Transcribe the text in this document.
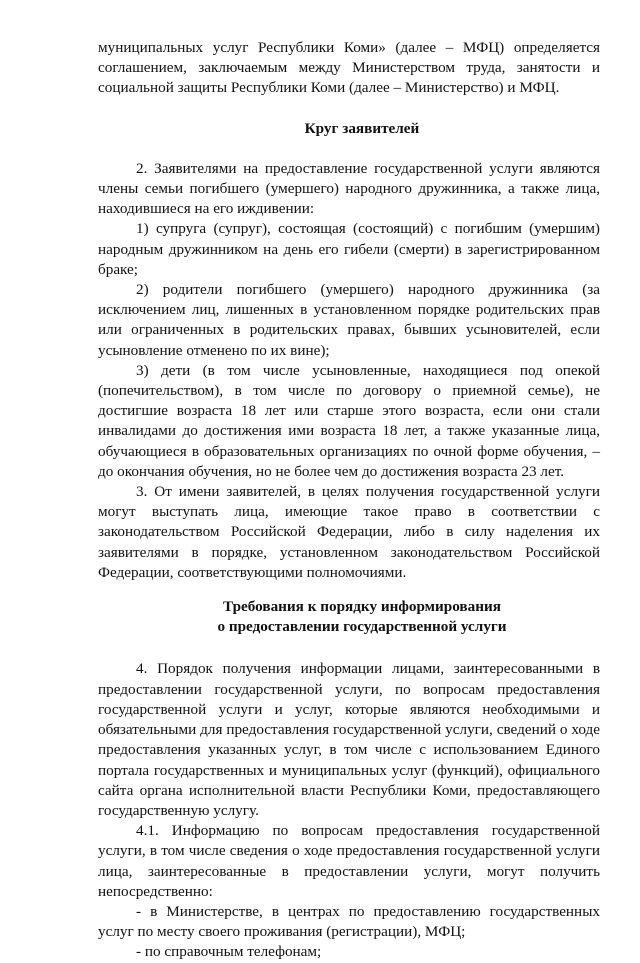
муниципальных услуг Республики Коми» (далее – МФЦ) определяется соглашением, заключаемым между Министерством труда, занятости и социальной защиты Республики Коми (далее – Министерство) и МФЦ.

Круг заявителей

2. Заявителями на предоставление государственной услуги являются члены семьи погибшего (умершего) народного дружинника, а также лица, находившиеся на его иждивении:

1) супруга (супруг), состоящая (состоящий) с погибшим (умершим) народным дружинником на день его гибели (смерти) в зарегистрированном браке;

2) родители погибшего (умершего) народного дружинника (за исключением лиц, лишенных в установленном порядке родительских прав или ограниченных в родительских правах, бывших усыновителей, если усыновление отменено по их вине);

3) дети (в том числе усыновленные, находящиеся под опекой (попечительством), в том числе по договору о приемной семье), не достигшие возраста 18 лет или старше этого возраста, если они стали инвалидами до достижения ими возраста 18 лет, а также указанные лица, обучающиеся в образовательных организациях по очной форме обучения, – до окончания обучения, но не более чем до достижения возраста 23 лет.

3. От имени заявителей, в целях получения государственной услуги могут выступать лица, имеющие такое право в соответствии с законодательством Российской Федерации, либо в силу наделения их заявителями в порядке, установленном законодательством Российской Федерации, соответствующими полномочиями.

Требования к порядку информирования

о предоставлении государственной услуги

4. Порядок получения информации лицами, заинтересованными в предоставлении государственной услуги, по вопросам предоставления государственной услуги и услуг, которые являются необходимыми и обязательными для предоставления государственной услуги, сведений о ходе предоставления указанных услуг, в том числе с использованием Единого портала государственных и муниципальных услуг (функций), официального сайта органа исполнительной власти Республики Коми, предоставляющего государственную услугу.

4.1. Информацию по вопросам предоставления государственной услуги, в том числе сведения о ходе предоставления государственной услуги лица, заинтересованные в предоставлении услуги, могут получить непосредственно:

- в Министерстве, в центрах по предоставлению государственных услуг по месту своего проживания (регистрации), МФЦ;

- по справочным телефонам;
